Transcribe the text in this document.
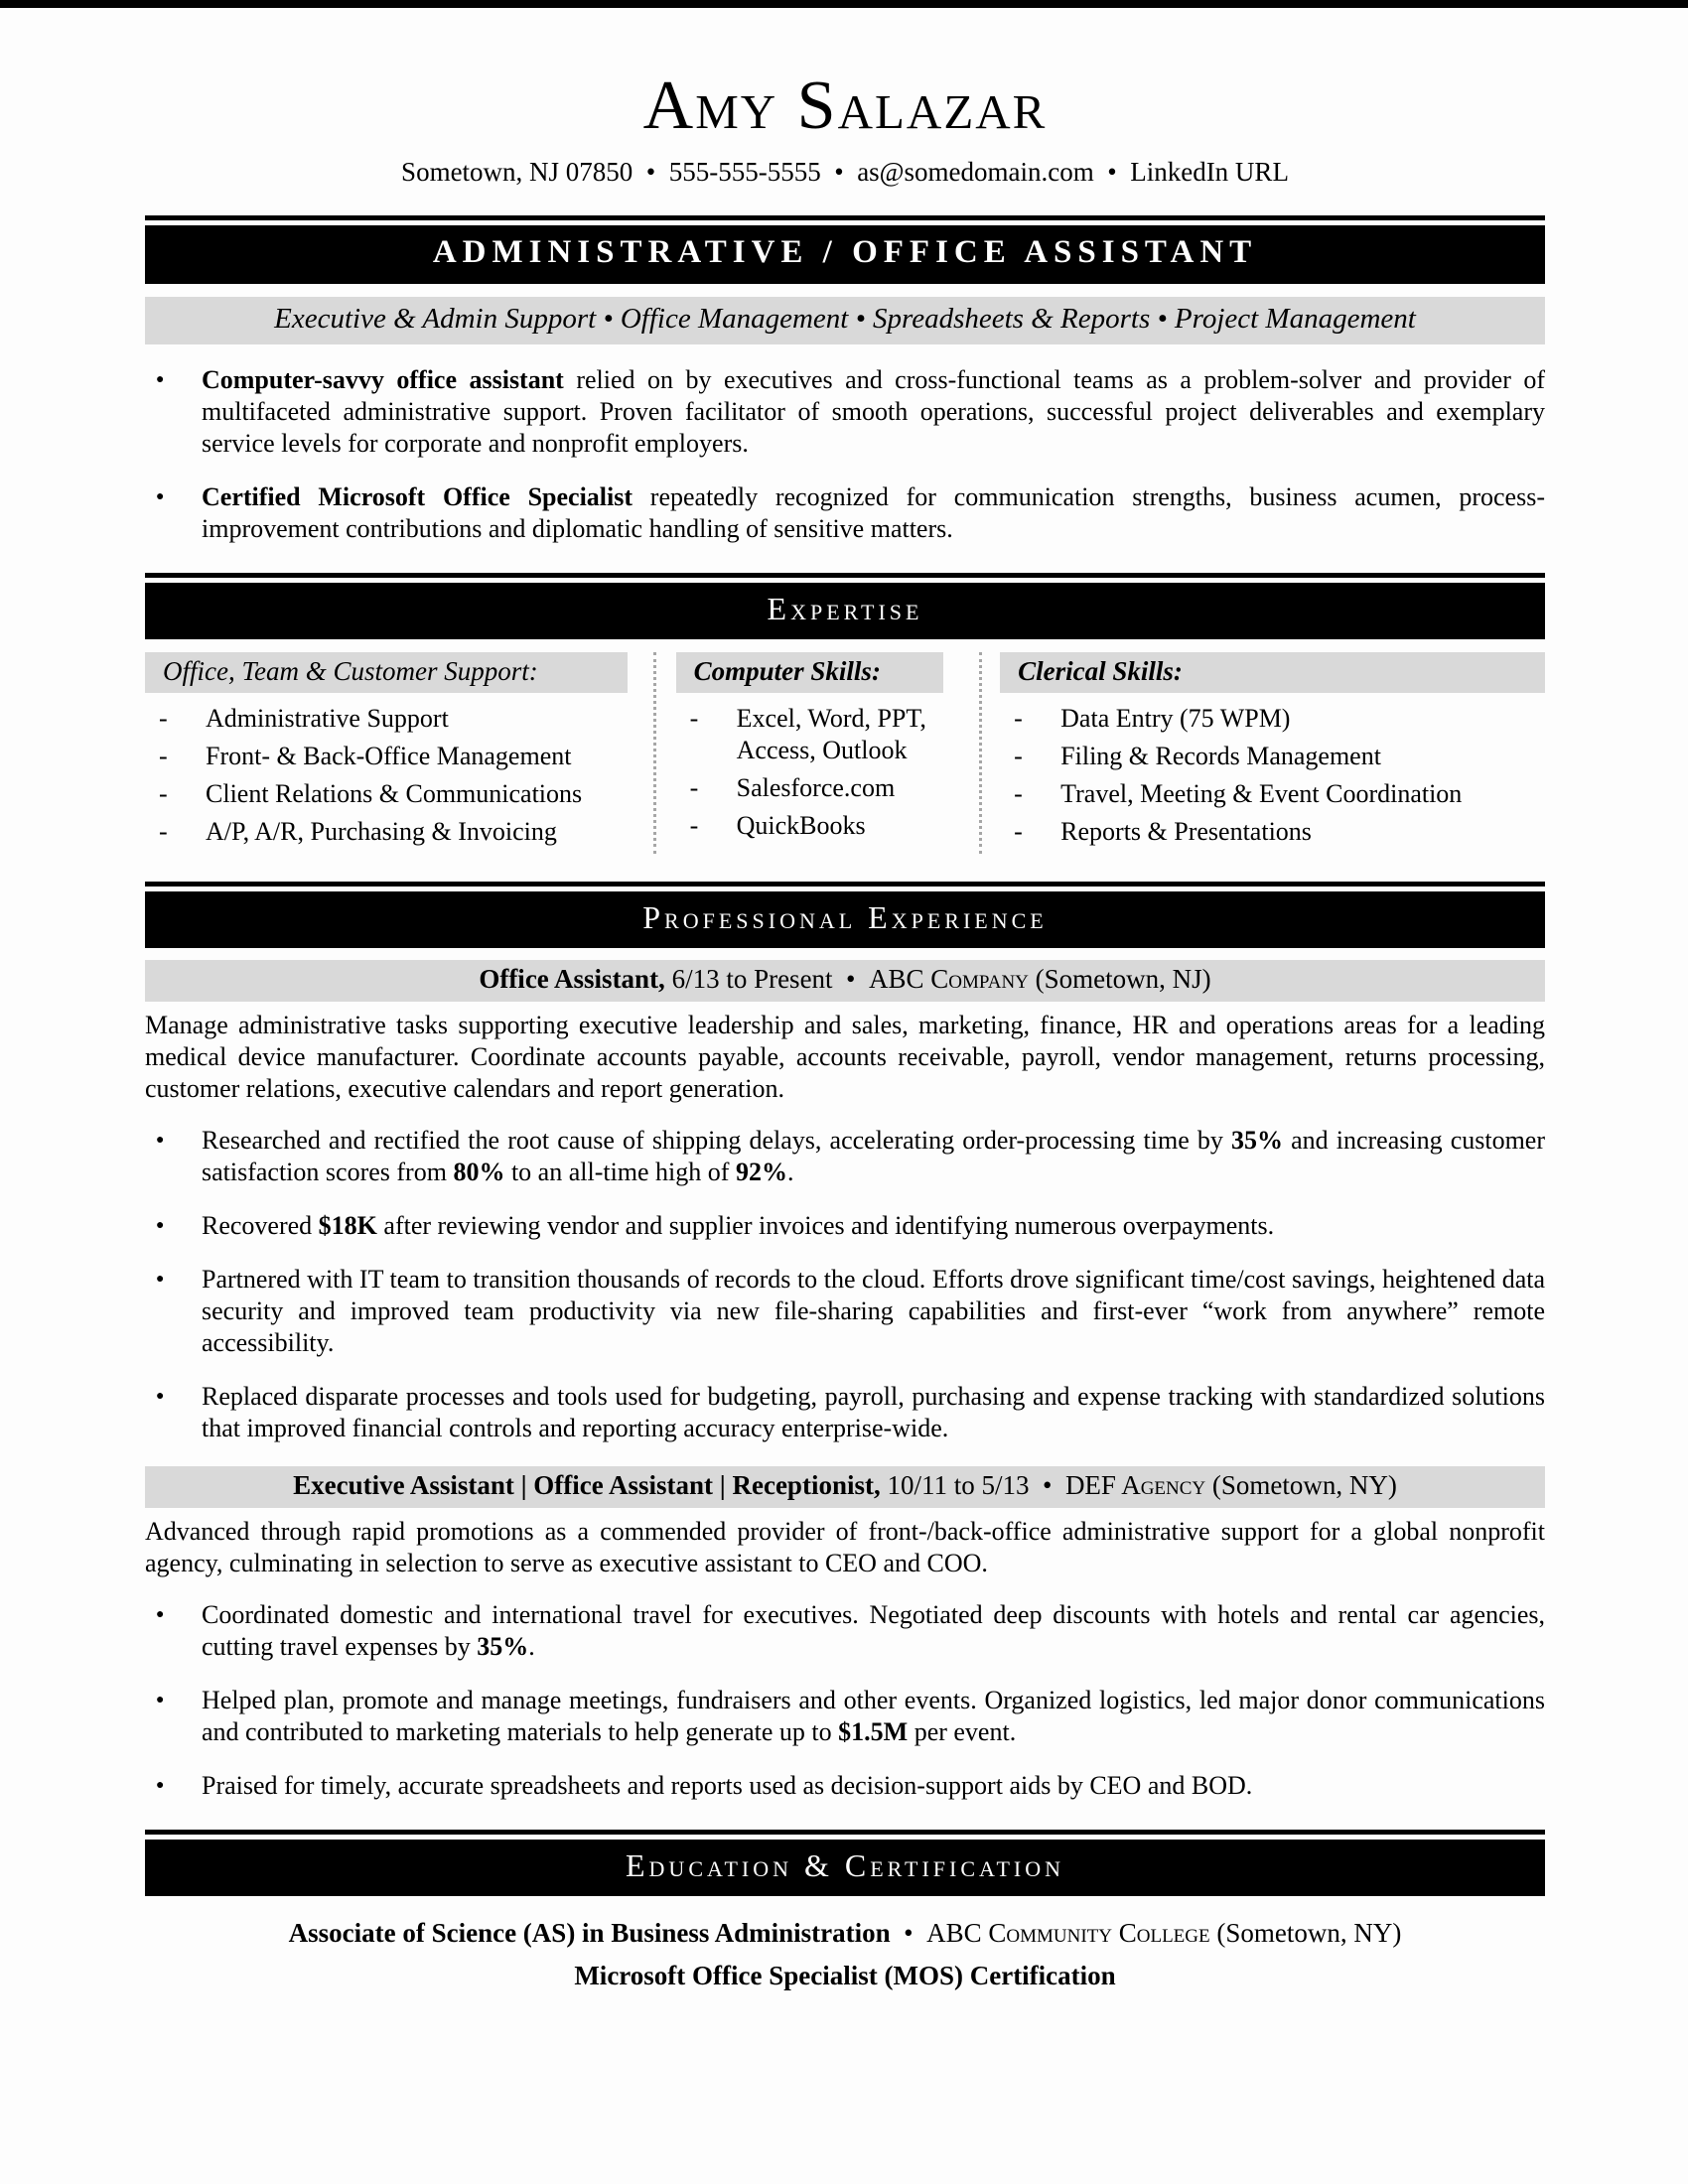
Amy Salazar
Sometown, NJ 07850  •  555-555-5555  •  as@somedomain.com  •  LinkedIn URL
ADMINISTRATIVE / OFFICE ASSISTANT
Executive & Admin Support • Office Management • Spreadsheets & Reports • Project Management
● Computer-savvy office assistant relied on by executives and cross-functional teams as a problem-solver and provider of multifaceted administrative support. Proven facilitator of smooth operations, successful project deliverables and exemplary service levels for corporate and nonprofit employers.
● Certified Microsoft Office Specialist repeatedly recognized for communication strengths, business acumen, process-improvement contributions and diplomatic handling of sensitive matters.
Expertise
Office, Team & Customer Support:
- Administrative Support
- Front- & Back-Office Management
- Client Relations & Communications
- A/P, A/R, Purchasing & Invoicing
Computer Skills:
- Excel, Word, PPT, Access, Outlook
- Salesforce.com
- QuickBooks
Clerical Skills:
- Data Entry (75 WPM)
- Filing & Records Management
- Travel, Meeting & Event Coordination
- Reports & Presentations
Professional Experience
Office Assistant, 6/13 to Present  •  ABC Company (Sometown, NJ)

Manage administrative tasks supporting executive leadership and sales, marketing, finance, HR and operations areas for a leading medical device manufacturer. Coordinate accounts payable, accounts receivable, payroll, vendor management, returns processing, customer relations, executive calendars and report generation.

● Researched and rectified the root cause of shipping delays, accelerating order-processing time by 35% and increasing customer satisfaction scores from 80% to an all-time high of 92%.
● Recovered $18K after reviewing vendor and supplier invoices and identifying numerous overpayments.
● Partnered with IT team to transition thousands of records to the cloud. Efforts drove significant time/cost savings, heightened data security and improved team productivity via new file-sharing capabilities and first-ever “work from anywhere” remote accessibility.
● Replaced disparate processes and tools used for budgeting, payroll, purchasing and expense tracking with standardized solutions that improved financial controls and reporting accuracy enterprise-wide.
Executive Assistant | Office Assistant | Receptionist, 10/11 to 5/13  •  DEF Agency (Sometown, NY)

Advanced through rapid promotions as a commended provider of front-/back-office administrative support for a global nonprofit agency, culminating in selection to serve as executive assistant to CEO and COO.

● Coordinated domestic and international travel for executives. Negotiated deep discounts with hotels and rental car agencies, cutting travel expenses by 35%.
● Helped plan, promote and manage meetings, fundraisers and other events. Organized logistics, led major donor communications and contributed to marketing materials to help generate up to $1.5M per event.
● Praised for timely, accurate spreadsheets and reports used as decision-support aids by CEO and BOD.
Education & Certification
Associate of Science (AS) in Business Administration  •  ABC Community College (Sometown, NY)
Microsoft Office Specialist (MOS) Certification
